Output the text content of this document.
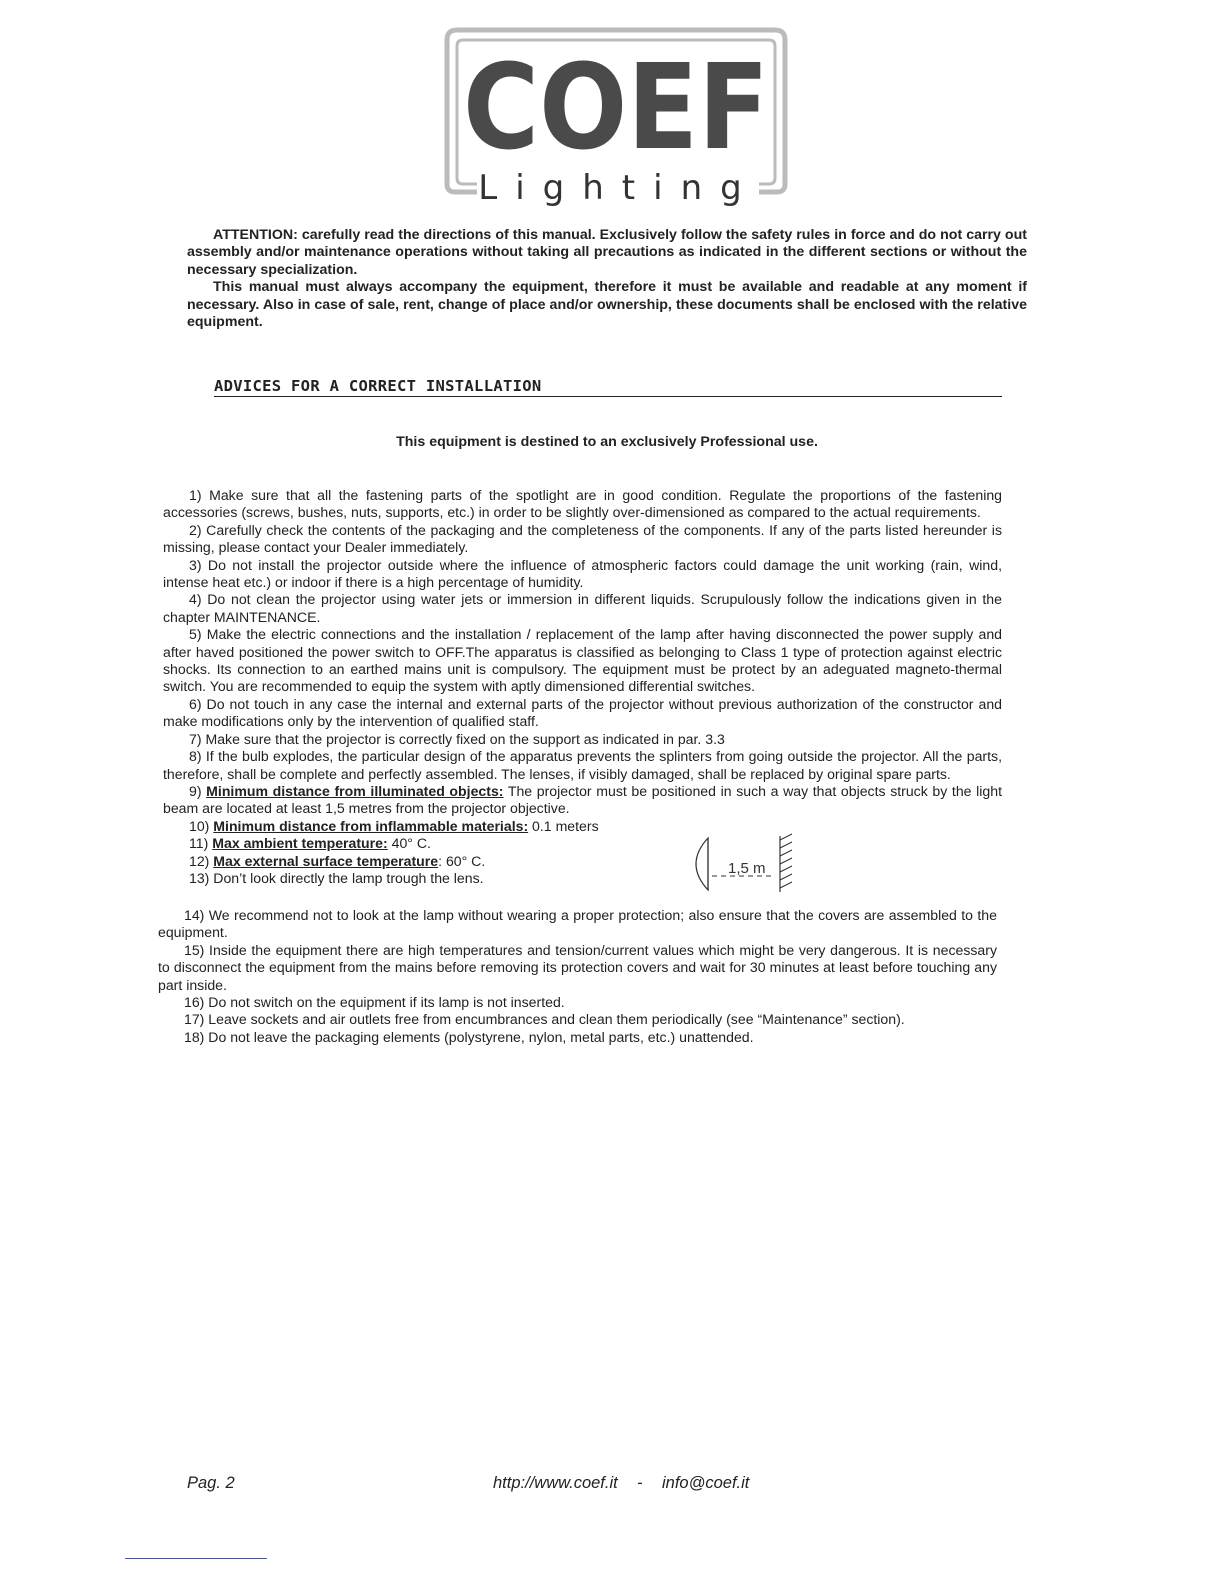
COEF
Lighting

ATTENTION: carefully read the directions of this manual. Exclusively follow the safety rules in force and do not carry out assembly and/or maintenance operations without taking all precautions as indicated in the different sections or without the necessary specialization.

This manual must always accompany the equipment, therefore it must be available and readable at any moment if necessary. Also in case of sale, rent, change of place and/or ownership, these documents shall be enclosed with the relative equipment.

ADVICES FOR A CORRECT INSTALLATION
This equipment is destined to an exclusively Professional use.

1) Make sure that all the fastening parts of the spotlight are in good condition. Regulate the proportions of the fastening accessories (screws, bushes, nuts, supports, etc.) in order to be slightly over-dimensioned as compared to the actual requirements.

2) Carefully check the contents of the packaging and the completeness of the components. If any of the parts listed hereunder is missing, please contact your Dealer immediately.

3) Do not install the projector outside where the influence of atmospheric factors could damage the unit working (rain, wind, intense heat etc.) or indoor if there is a high percentage of humidity.

4) Do not clean the projector using water jets or immersion in different liquids. Scrupulously follow the indications given in the chapter MAINTENANCE.

5) Make the electric connections and the installation / replacement of the lamp after having disconnected the power supply and after haved positioned the power switch to OFF.The apparatus is classified as belonging to Class 1 type of protection against electric shocks. Its connection to an earthed mains unit is compulsory. The equipment must be protect by an adeguated magneto-thermal switch. You are recommended to equip the system with aptly dimensioned differential switches.

6) Do not touch in any case the internal and external parts of the projector without previous authorization of the constructor and make modifications only by the intervention of qualified staff.

7) Make sure that the projector is correctly fixed on the support as indicated in par. 3.3

8) If the bulb explodes, the particular design of the apparatus prevents the splinters from going outside the projector. All the parts, therefore, shall be complete and perfectly assembled. The lenses, if visibly damaged, shall be replaced by original spare parts.

9) Minimum distance from illuminated objects: The projector must be positioned in such a way that objects struck by the light beam are located at least 1,5 metres from the projector objective.

10) Minimum distance from inflammable materials: 0.1 meters

11) Max ambient temperature: 40° C.

12) Max external surface temperature: 60° C.

13) Don’t look directly the lamp trough the lens.

14) We recommend not to look at the lamp without wearing a proper protection; also ensure that the covers are assembled to the equipment.

15) Inside the equipment there are high temperatures and tension/current values which might be very dangerous. It is necessary to disconnect the equipment from the mains before removing its protection covers and wait for 30 minutes at least before touching any part inside.

16) Do not switch on the equipment if its lamp is not inserted.

17) Leave sockets and air outlets free from encumbrances and clean them periodically (see “Maintenance” section).

18) Do not leave the packaging elements (polystyrene, nylon, metal parts, etc.) unattended.

1,5 m
Pag. 2	http://www.coef.it - info@coef.it
